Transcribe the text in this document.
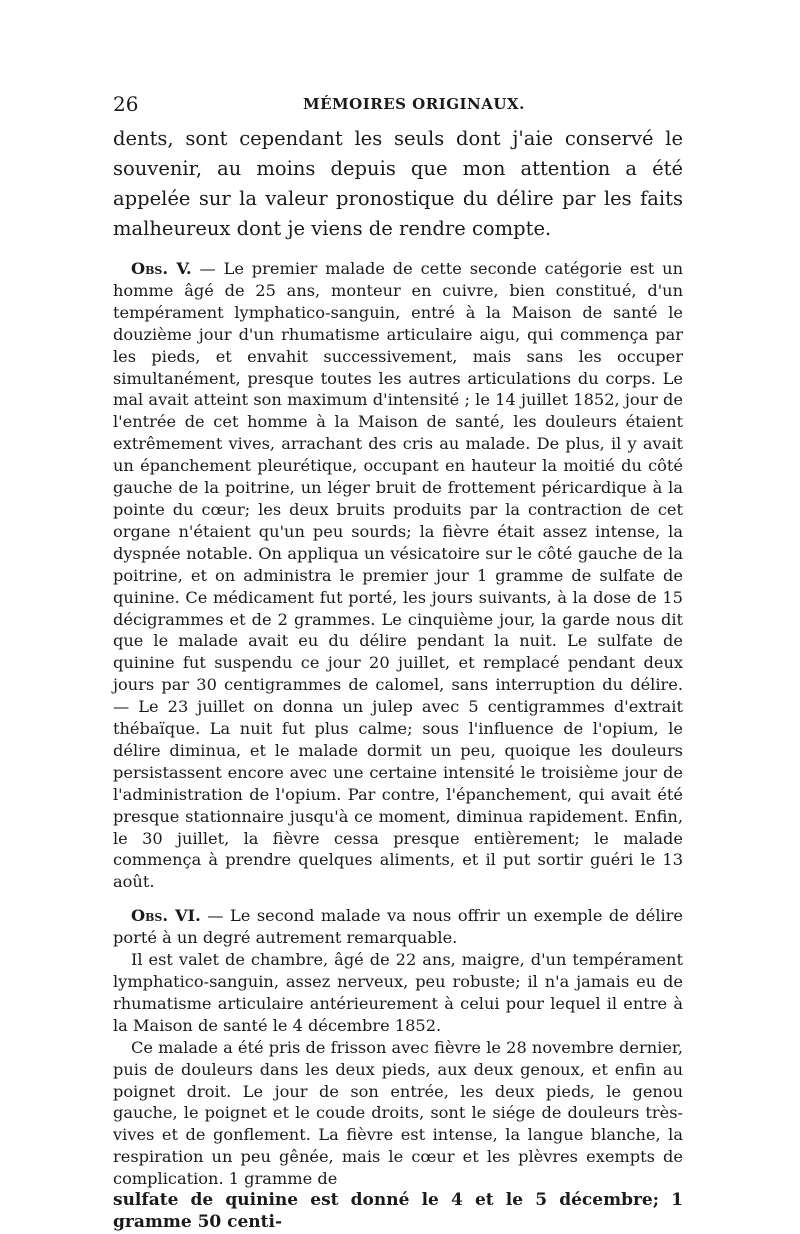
26	MÉMOIRES ORIGINAUX.

dents, sont cependant les seuls dont j'aie conservé le souvenir, au moins depuis que mon attention a été appelée sur la valeur pronostique du délire par les faits malheureux dont je viens de rendre compte.

Obs. V. — Le premier malade de cette seconde catégorie est un homme âgé de 25 ans, monteur en cuivre, bien constitué, d'un tempérament lymphatico-sanguin, entré à la Maison de santé le douzième jour d'un rhumatisme articulaire aigu, qui commença par les pieds, et envahit successivement, mais sans les occuper simultanément, presque toutes les autres articulations du corps. Le mal avait atteint son maximum d'intensité ; le 14 juillet 1852, jour de l'entrée de cet homme à la Maison de santé, les douleurs étaient extrêmement vives, arrachant des cris au malade. De plus, il y avait un épanchement pleurétique, occupant en hauteur la moitié du côté gauche de la poitrine, un léger bruit de frottement péricardique à la pointe du cœur; les deux bruits produits par la contraction de cet organe n'étaient qu'un peu sourds; la fièvre était assez intense, la dyspnée notable. On appliqua un vésicatoire sur le côté gauche de la poitrine, et on administra le premier jour 1 gramme de sulfate de quinine. Ce médicament fut porté, les jours suivants, à la dose de 15 décigrammes et de 2 grammes. Le cinquième jour, la garde nous dit que le malade avait eu du délire pendant la nuit. Le sulfate de quinine fut suspendu ce jour 20 juillet, et remplacé pendant deux jours par 30 centigrammes de calomel, sans interruption du délire. — Le 23 juillet on donna un julep avec 5 centigrammes d'extrait thébaïque. La nuit fut plus calme; sous l'influence de l'opium, le délire diminua, et le malade dormit un peu, quoique les douleurs persistassent encore avec une certaine intensité le troisième jour de l'administration de l'opium. Par contre, l'épanchement, qui avait été presque stationnaire jusqu'à ce moment, diminua rapidement. Enfin, le 30 juillet, la fièvre cessa presque entièrement; le malade commença à prendre quelques aliments, et il put sortir guéri le 13 août.

Obs. VI. — Le second malade va nous offrir un exemple de délire porté à un degré autrement remarquable.

Il est valet de chambre, âgé de 22 ans, maigre, d'un tempérament lymphatico-sanguin, assez nerveux, peu robuste; il n'a jamais eu de rhumatisme articulaire antérieurement à celui pour lequel il entre à la Maison de santé le 4 décembre 1852.

Ce malade a été pris de frisson avec fièvre le 28 novembre dernier, puis de douleurs dans les deux pieds, aux deux genoux, et enfin au poignet droit. Le jour de son entrée, les deux pieds, le genou gauche, le poignet et le coude droits, sont le siége de douleurs très-vives et de gonflement. La fièvre est intense, la langue blanche, la respiration un peu gênée, mais le cœur et les plèvres exempts de complication. 1 gramme de

sulfate de quinine est donné le 4 et le 5 décembre; 1 gramme 50 centi-
